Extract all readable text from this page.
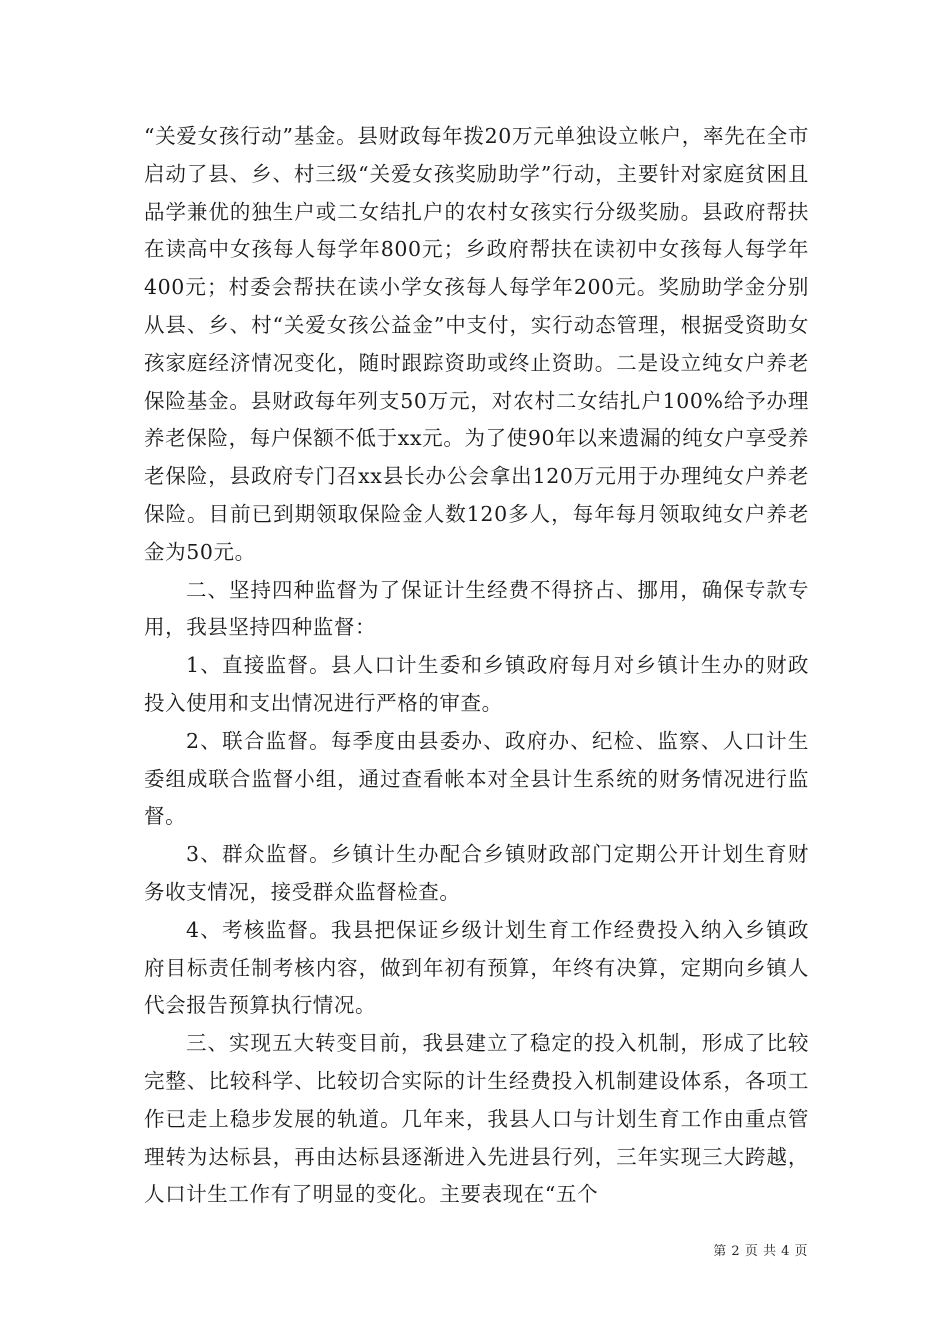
“关爱女孩行动”基金。县财政每年拨20万元单独设立帐户，率先在全市启动了县、乡、村三级“关爱女孩奖励助学”行动，主要针对家庭贫困且品学兼优的独生户或二女结扎户的农村女孩实行分级奖励。县政府帮扶在读高中女孩每人每学年800元；乡政府帮扶在读初中女孩每人每学年400元；村委会帮扶在读小学女孩每人每学年200元。奖励助学金分别从县、乡、村“关爱女孩公益金”中支付，实行动态管理，根据受资助女孩家庭经济情况变化，随时跟踪资助或终止资助。二是设立纯女户养老保险基金。县财政每年列支50万元，对农村二女结扎户100%给予办理养老保险，每户保额不低于xx元。为了使90年以来遗漏的纯女户享受养老保险，县政府专门召xx县长办公会拿出120万元用于办理纯女户养老保险。目前已到期领取保险金人数120多人，每年每月领取纯女户养老金为50元。

二、坚持四种监督为了保证计生经费不得挤占、挪用，确保专款专用，我县坚持四种监督：

1、直接监督。县人口计生委和乡镇政府每月对乡镇计生办的财政投入使用和支出情况进行严格的审查。

2、联合监督。每季度由县委办、政府办、纪检、监察、人口计生委组成联合监督小组，通过查看帐本对全县计生系统的财务情况进行监督。

3、群众监督。乡镇计生办配合乡镇财政部门定期公开计划生育财务收支情况，接受群众监督检查。

4、考核监督。我县把保证乡级计划生育工作经费投入纳入乡镇政府目标责任制考核内容，做到年初有预算，年终有决算，定期向乡镇人代会报告预算执行情况。

三、实现五大转变目前，我县建立了稳定的投入机制，形成了比较完整、比较科学、比较切合实际的计生经费投入机制建设体系，各项工作已走上稳步发展的轨道。几年来，我县人口与计划生育工作由重点管理转为达标县，再由达标县逐渐进入先进县行列，三年实现三大跨越，人口计生工作有了明显的变化。主要表现在“五个

第 2 页 共 4 页
